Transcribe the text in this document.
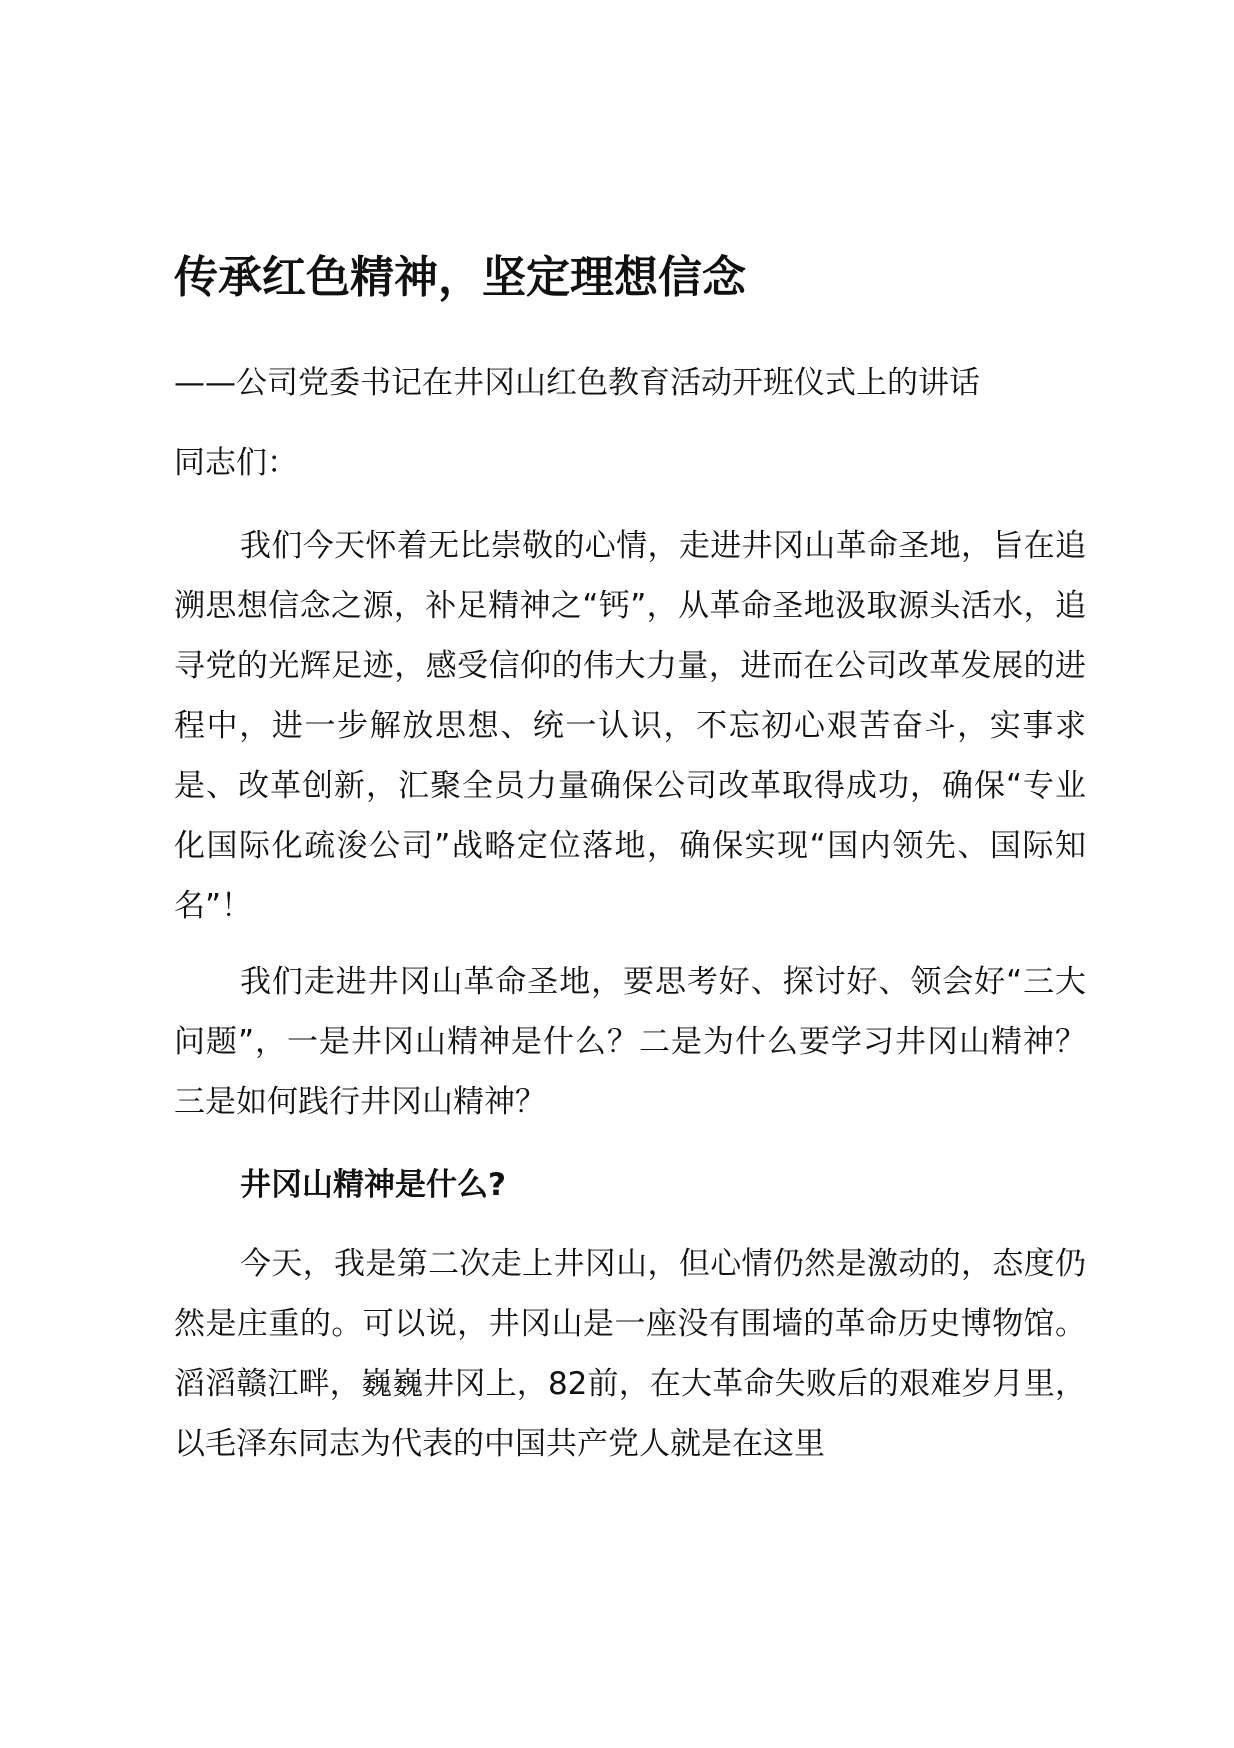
传承红色精神，坚定理想信念
——公司党委书记在井冈山红色教育活动开班仪式上的讲话
同志们：

我们今天怀着无比崇敬的心情，走进井冈山革命圣地，旨在追溯思想信念之源，补足精神之“钙”，从革命圣地汲取源头活水，追寻党的光辉足迹，感受信仰的伟大力量，进而在公司改革发展的进程中，进一步解放思想、统一认识，不忘初心艰苦奋斗，实事求是、改革创新，汇聚全员力量确保公司改革取得成功，确保“专业化国际化疏浚公司”战略定位落地，确保实现“国内领先、国际知名”！

我们走进井冈山革命圣地，要思考好、探讨好、领会好“三大问题”，一是井冈山精神是什么？二是为什么要学习井冈山精神？三是如何践行井冈山精神？

井冈山精神是什么?

今天，我是第二次走上井冈山，但心情仍然是激动的，态度仍然是庄重的。可以说，井冈山是一座没有围墙的革命历史博物馆。滔滔赣江畔，巍巍井冈上，82前，在大革命失败后的艰难岁月里，以毛泽东同志为代表的中国共产党人就是在这里
